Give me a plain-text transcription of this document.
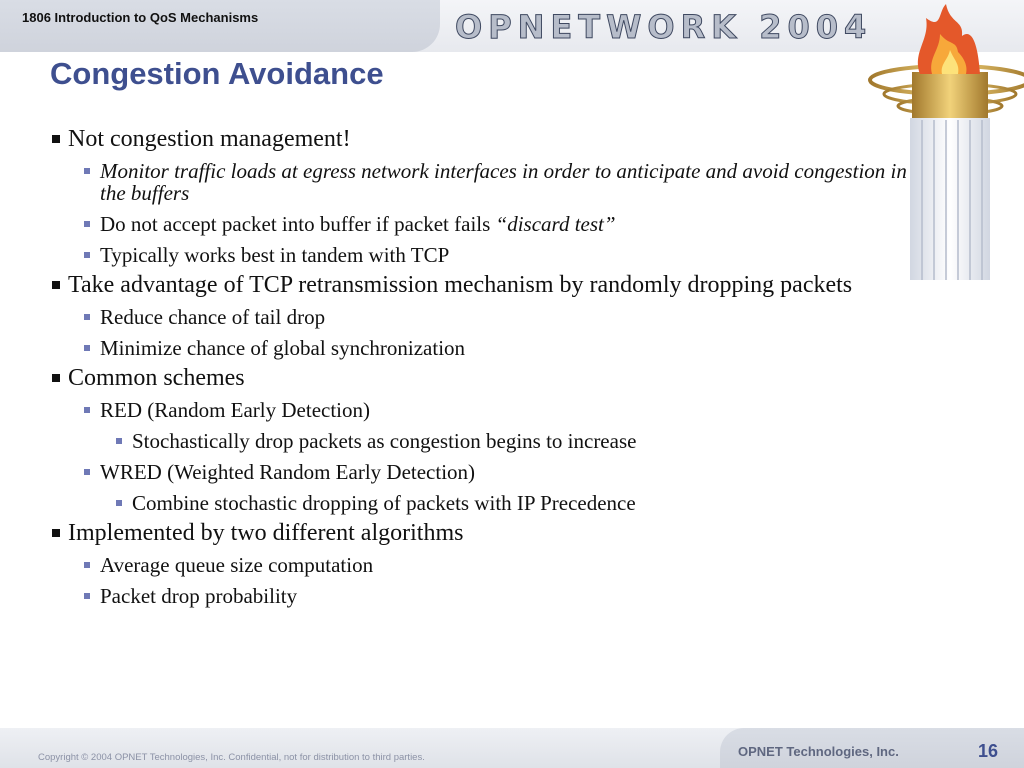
1806 Introduction to QoS Mechanisms	OPNETWORK 2004
Congestion Avoidance
Not congestion management!
Monitor traffic loads at egress network interfaces in order to anticipate and avoid congestion in the buffers
Do not accept packet into buffer if packet fails “discard test”
Typically works best in tandem with TCP
Take advantage of TCP retransmission mechanism by randomly dropping packets
Reduce chance of tail drop
Minimize chance of global synchronization
Common schemes
RED (Random Early Detection)
Stochastically drop packets as congestion begins to increase
WRED (Weighted Random Early Detection)
Combine stochastic dropping of packets with IP Precedence
Implemented by two different algorithms
Average queue size computation
Packet drop probability
Copyright © 2004 OPNET Technologies, Inc. Confidential, not for distribution to third parties.	OPNET Technologies, Inc.	16
